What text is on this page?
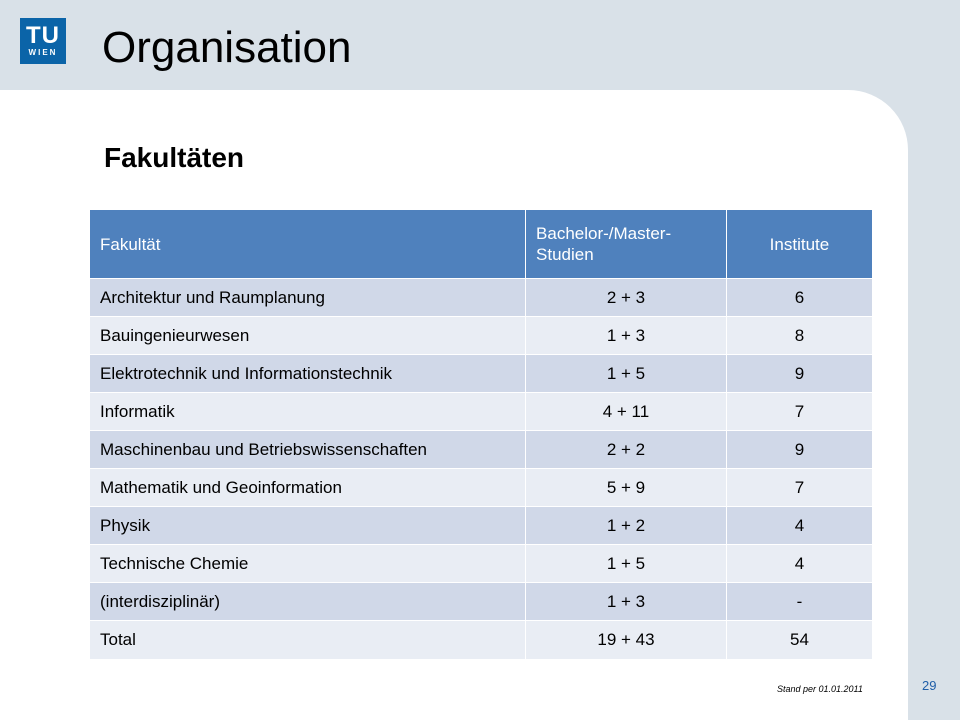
TU
WIEN Organisation
Fakultäten
Fakultät	Bachelor-/Master-Studien	Institute
Architektur und Raumplanung	2 + 3	6
Bauingenieurwesen	1 + 3	8
Elektrotechnik und Informationstechnik	1 + 5	9
Informatik	4 + 11	7
Maschinenbau und Betriebswissenschaften	2 + 2	9
Mathematik und Geoinformation	5 + 9	7
Physik	1 + 2	4
Technische Chemie	1 + 5	4
(interdisziplinär)	1 + 3	-
Total	19 + 43	54
Stand per 01.01.2011	29
